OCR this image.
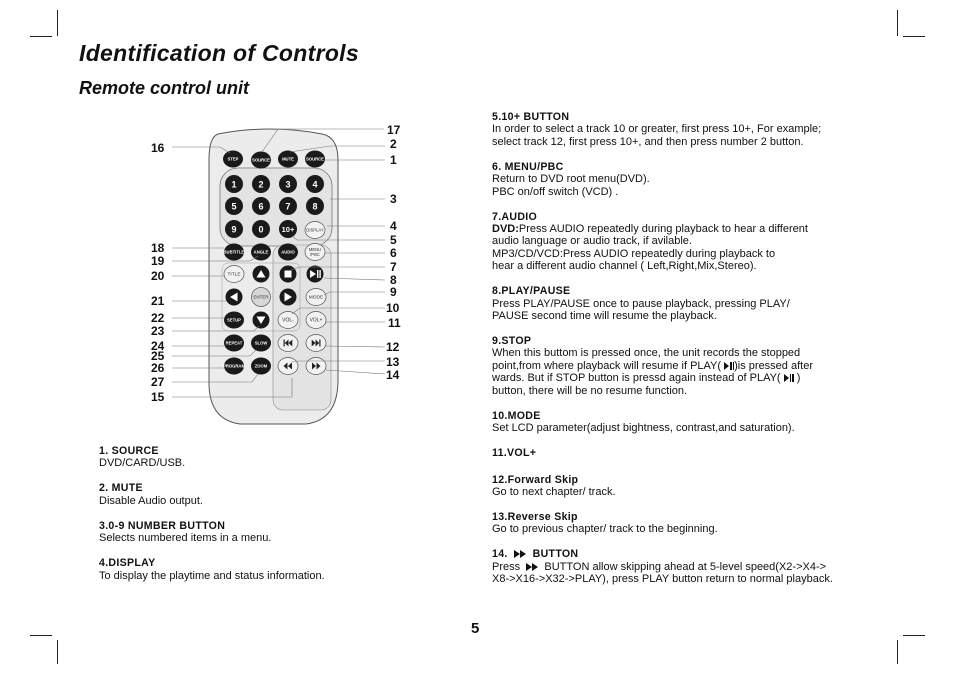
Identification of Controls
Remote control unit
STEP	SOURCE	MUTE	SOURCE
1 2 3 4
5 6 7 8
9 0 10+	DISPLAY
SUBTITLE ANGLE	AUDIO	MENU
/PBC
TITLE
ENTER	MODE
SETUP	VOL-	VOL+
REPEAT	SLOW
PROGRAM ZOOM
16
17
2
1
3
4
5
18
19
6
7
20	8
9
21	10
22	11
23
24	12
25	13
26	14
27
15
1. SOURCE
DVD/CARD/USB.
2. MUTE
Disable Audio output.
3.0-9 NUMBER BUTTON
Selects numbered items in a menu.
4.DISPLAY
To display the playtime and status information.
5.10+ BUTTON
In order to select a track 10 or greater, first press 10+, For example;
select track 12, first press 10+, and then press number 2 button.
6. MENU/PBC
Return to DVD root menu(DVD).
PBC on/off switch (VCD) .
7.AUDIO
DVD:Press AUDIO repeatedly during playback to hear a different
audio language or audio track, if avilable.
MP3/CD/VCD:Press AUDIO repeatedly during playback to
hear a different audio channel ( Left,Right,Mix,Stereo).
8.PLAY/PAUSE
Press PLAY/PAUSE once to pause playback, pressing PLAY/
PAUSE second time will resume the playback.
9.STOP
When this buttom is pressed once, the unit records the stopped
point,from where playback will resume if PLAY( )is pressed after
wards. But if STOP button is pressd again instead of PLAY( )
button, there will be no resume function.
10.MODE
Set LCD parameter(adjust bightness, contrast,and saturation).
11.VOL+
12.Forward Skip
Go to next chapter/ track.
13.Reverse Skip
Go to previous chapter/ track to the beginning.
14. BUTTON
Press BUTTON allow skipping ahead at 5-level speed(X2->X4->
X8->X16->X32->PLAY), press PLAY button return to normal playback.
5
